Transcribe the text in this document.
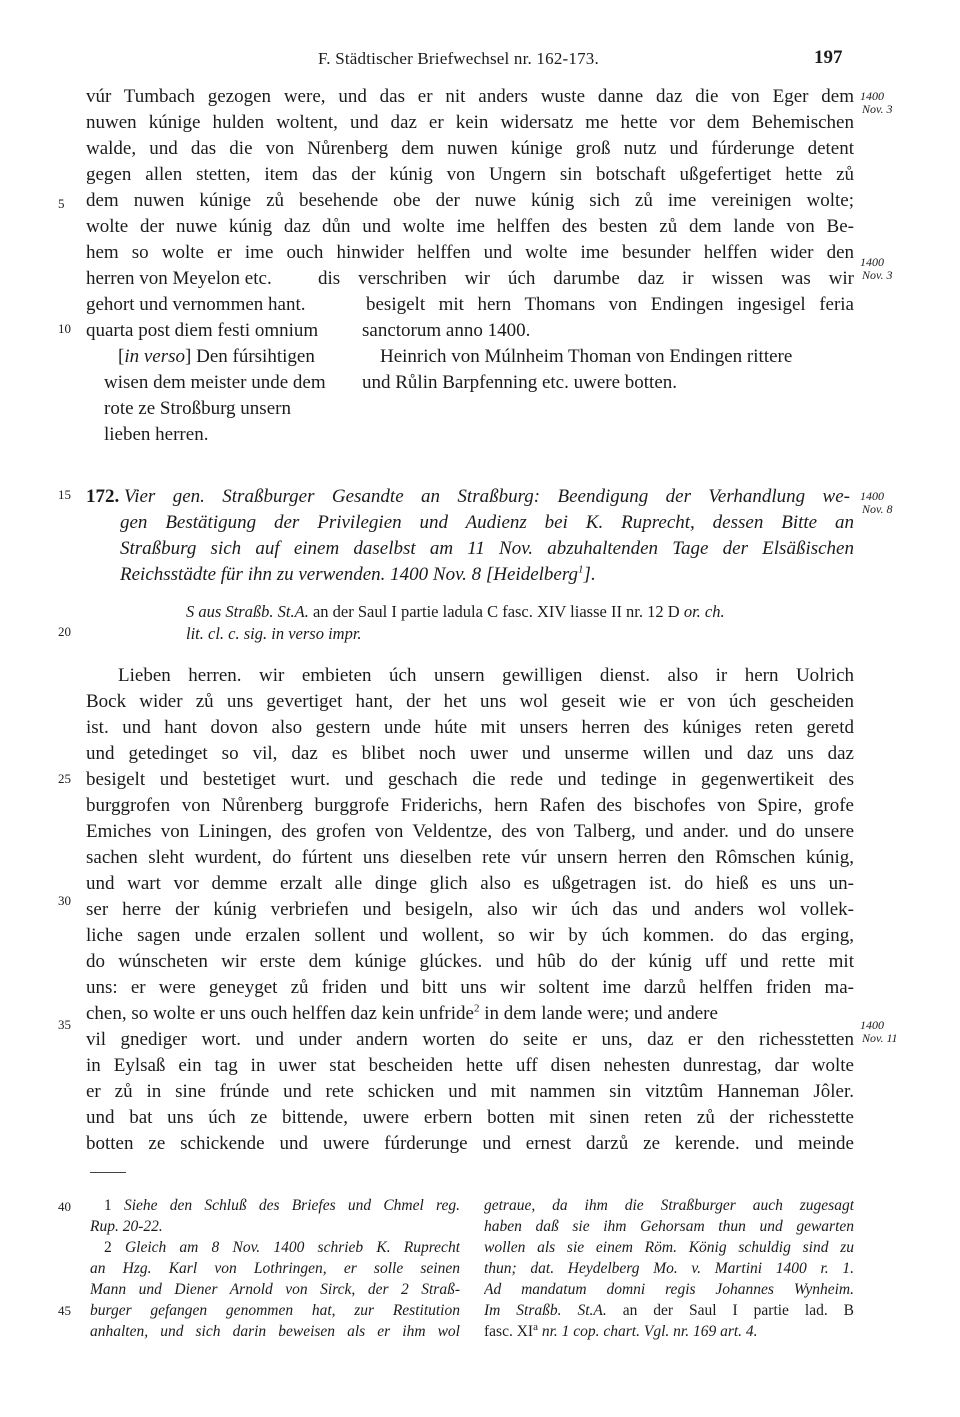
F. Städtischer Briefwechsel nr. 162-173.	197
1400
Nov. 3
1400
Nov. 3
1400
Nov. 8
1400
Nov. 11
5
10
15
20
25
30
35
40
45
vúr Tumbach gezogen were, und das er nit anders wuste danne daz die von Eger dem
nuwen kúnige hulden woltent, und daz er kein widersatz me hette vor dem Behemischen
walde, und das die von Nůrenberg dem nuwen kúnige groß nutz und fúrderunge detent
gegen allen stetten, item das der kúnig von Ungern sin botschaft ußgefertiget hette zů
dem nuwen kúnige zů besehende obe der nuwe kúnig sich zů ime vereinigen wolte;
wolte der nuwe kúnig daz důn und wolte ime helffen des besten zů dem lande von Be-
hem so wolte er ime ouch hinwider helffen und wolte ime besunder helffen wider den
herren von Meyelon etc. dis verschriben wir úch darumbe daz ir wissen was wir
gehort und vernommen hant.	besigelt mit hern Thomans von Endingen ingesigel feria
quarta post diem festi omnium sanctorum anno 1400.
[in verso] Den fúrsihtigen
wisen dem meister unde dem
rote ze Stroßburg unsern
lieben herren.
Heinrich von Múlnheim Thoman von Endingen rittere
und Růlin Barpfenning etc. uwere botten.
172. Vier gen. Straßburger Gesandte an Straßburg: Beendigung der Verhandlung we-
gen Bestätigung der Privilegien und Audienz bei K. Ruprecht, dessen Bitte an
Straßburg sich auf einem daselbst am 11 Nov. abzuhaltenden Tage der Elsäßischen
Reichsstädte für ihn zu verwenden. 1400 Nov. 8 [Heidelberg$^1$].
S aus Straßb. St.A. an der Saul I partie ladula C fasc. XIV liasse II nr. 12 D or. ch.
lit. cl. c. sig. in verso impr.
Lieben herren. wir embieten úch unsern gewilligen dienst. also ir hern Uolrich
Bock wider zů uns gevertiget hant, der het uns wol geseit wie er von úch gescheiden
ist. und hant dovon also gestern unde húte mit unsers herren des kúniges reten geretd
und getedinget so vil, daz es blibet noch uwer und unserme willen und daz uns daz
besigelt und bestetiget wurt. und geschach die rede und tedinge in gegenwertikeit des
burggrofen von Nůrenberg burggrofe Friderichs, hern Rafen des bischofes von Spire, grofe
Emiches von Liningen, des grofen von Veldentze, des von Talberg, und ander. und do unsere
sachen sleht wurdent, do fúrtent uns dieselben rete vúr unsern herren den Rômschen kúnig,
und wart vor demme erzalt alle dinge glich also es ußgetragen ist. do hieß es uns un-
ser herre der kúnig verbriefen und besigeln, also wir úch das und anders wol vollek-
liche sagen unde erzalen sollent und wollent, so wir by úch kommen. do das erging,
do wúnscheten wir erste dem kúnige glúckes. und hûb do der kúnig uff und rette mit
uns: er were geneyget zů friden und bitt uns wir soltent ime darzů helffen friden ma-
chen, so wolte er uns ouch helffen daz kein unfride$^2$ in dem lande were; und andere
vil gnediger wort. und under andern worten do seite er uns, daz er den richesstetten
in Eylsaß ein tag in uwer stat bescheiden hette uff disen nehesten dunrestag, dar wolte
er zů in sine frúnde und rete schicken und mit nammen sin vitztûm Hanneman Jôler.
und bat uns úch ze bittende, uwere erbern botten mit sinen reten zů der richesstette
botten ze schickende und uwere fúrderunge und ernest darzů ze kerende. und meinde
1 Siehe den Schluß des Briefes und Chmel reg.
Rup. 20-22.
2 Gleich am 8 Nov. 1400 schrieb K. Ruprecht
an Hzg. Karl von Lothringen, er solle seinen
Mann und Diener Arnold von Sirck, der 2 Straß-
burger gefangen genommen hat, zur Restitution
anhalten, und sich darin beweisen als er ihm wol
getraue, da ihm die Straßburger auch zugesagt
haben daß sie ihm Gehorsam thun und gewarten
wollen als sie einem Röm. König schuldig sind zu
thun; dat. Heydelberg Mo. v. Martini 1400 r. 1.
Ad mandatum domni regis Johannes Wynheim.
Im Straßb. St.A. an der Saul I partie lad. B
fasc. $XI^a$ nr. 1 cop. chart. Vgl. nr. 169 art. 4.
